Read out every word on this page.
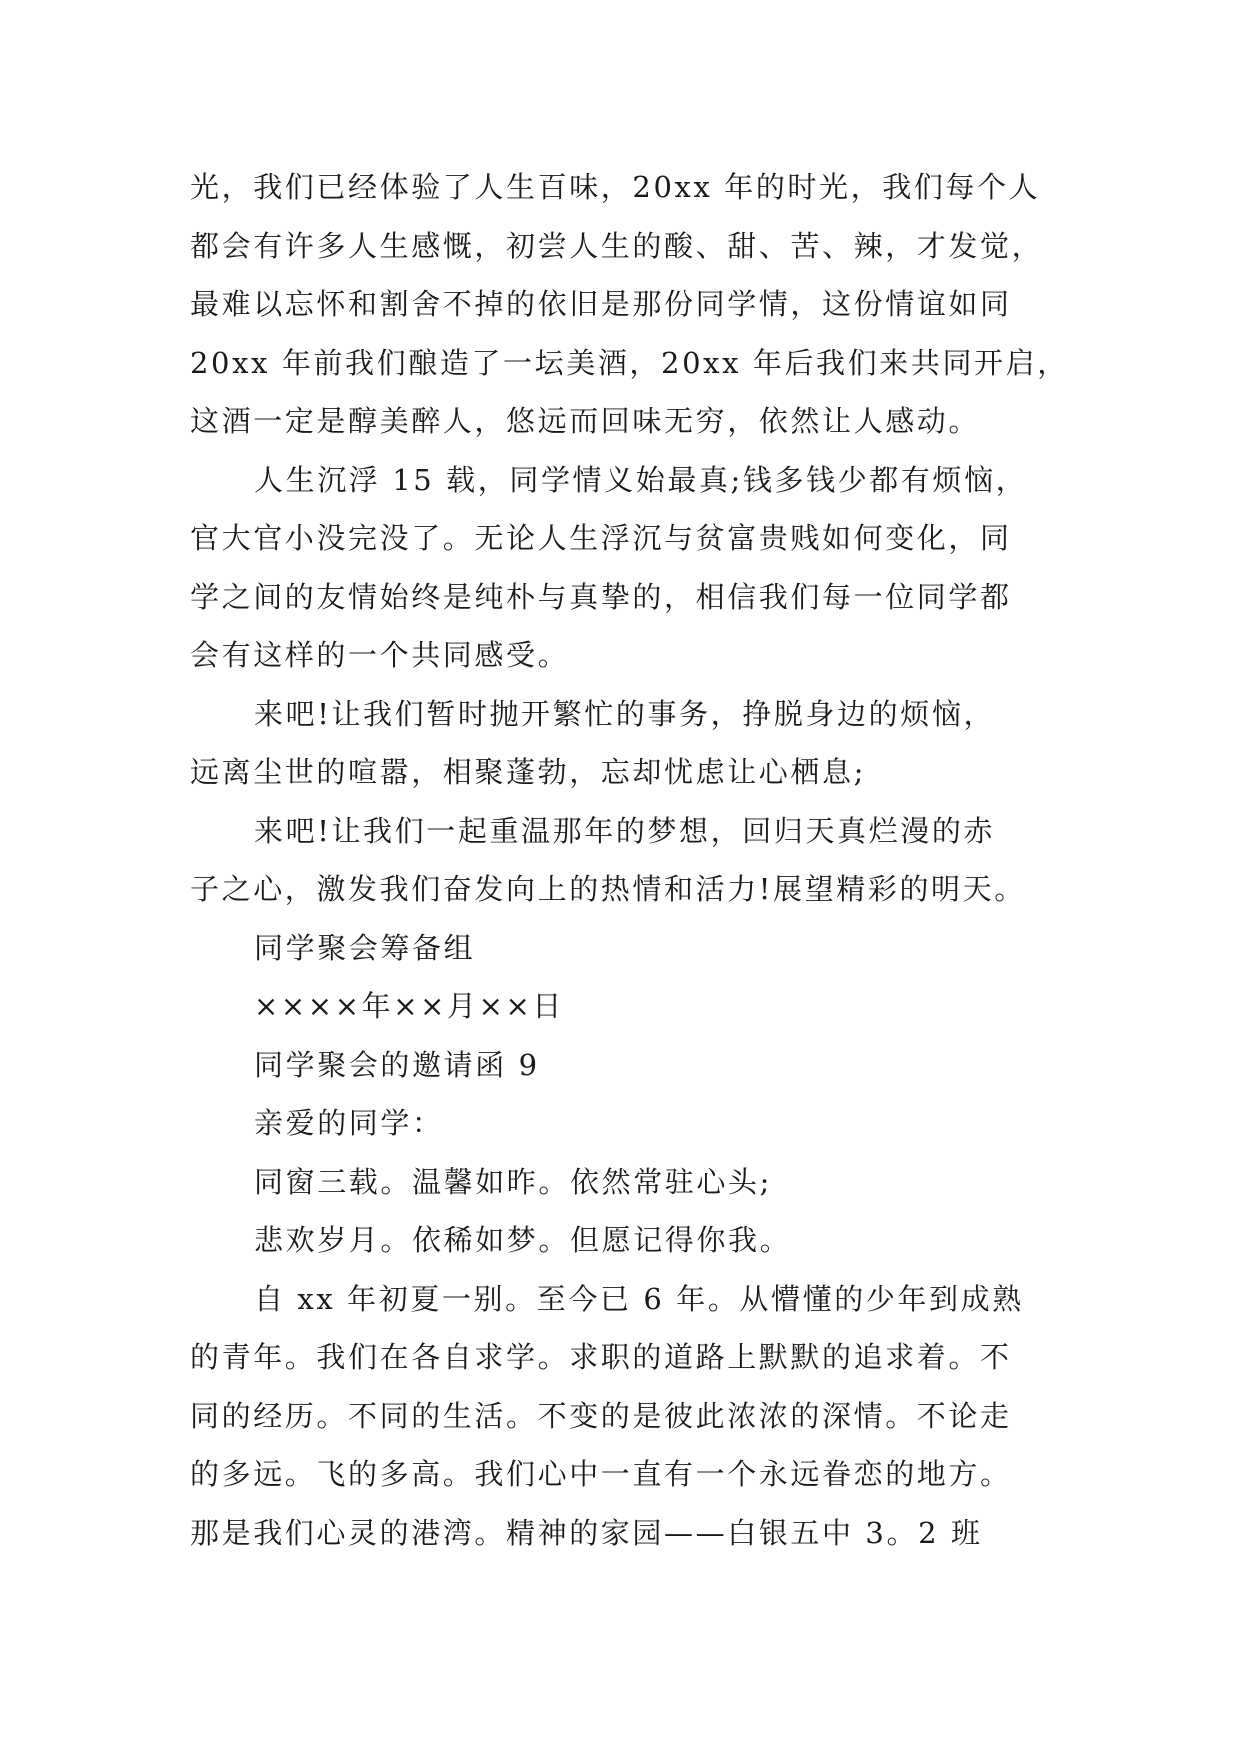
光，我们已经体验了人生百味，20xx 年的时光，我们每个人
都会有许多人生感慨，初尝人生的酸、甜、苦、辣，才发觉，
最难以忘怀和割舍不掉的依旧是那份同学情，这份情谊如同
20xx 年前我们酿造了一坛美酒，20xx 年后我们来共同开启，
这酒一定是醇美醉人，悠远而回味无穷，依然让人感动。
人生沉浮 15 载，同学情义始最真;钱多钱少都有烦恼，
官大官小没完没了。无论人生浮沉与贫富贵贱如何变化，同
学之间的友情始终是纯朴与真挚的，相信我们每一位同学都
会有这样的一个共同感受。
来吧!让我们暂时抛开繁忙的事务，挣脱身边的烦恼，
远离尘世的喧嚣，相聚蓬勃，忘却忧虑让心栖息;
来吧!让我们一起重温那年的梦想，回归天真烂漫的赤
子之心，激发我们奋发向上的热情和活力!展望精彩的明天。
同学聚会筹备组
××××年××月××日
同学聚会的邀请函 9
亲爱的同学：
同窗三载。温馨如昨。依然常驻心头;
悲欢岁月。依稀如梦。但愿记得你我。
自 xx 年初夏一别。至今已 6 年。从懵懂的少年到成熟
的青年。我们在各自求学。求职的道路上默默的追求着。不
同的经历。不同的生活。不变的是彼此浓浓的深情。不论走
的多远。飞的多高。我们心中一直有一个永远眷恋的地方。
那是我们心灵的港湾。精神的家园——白银五中 3。2 班
